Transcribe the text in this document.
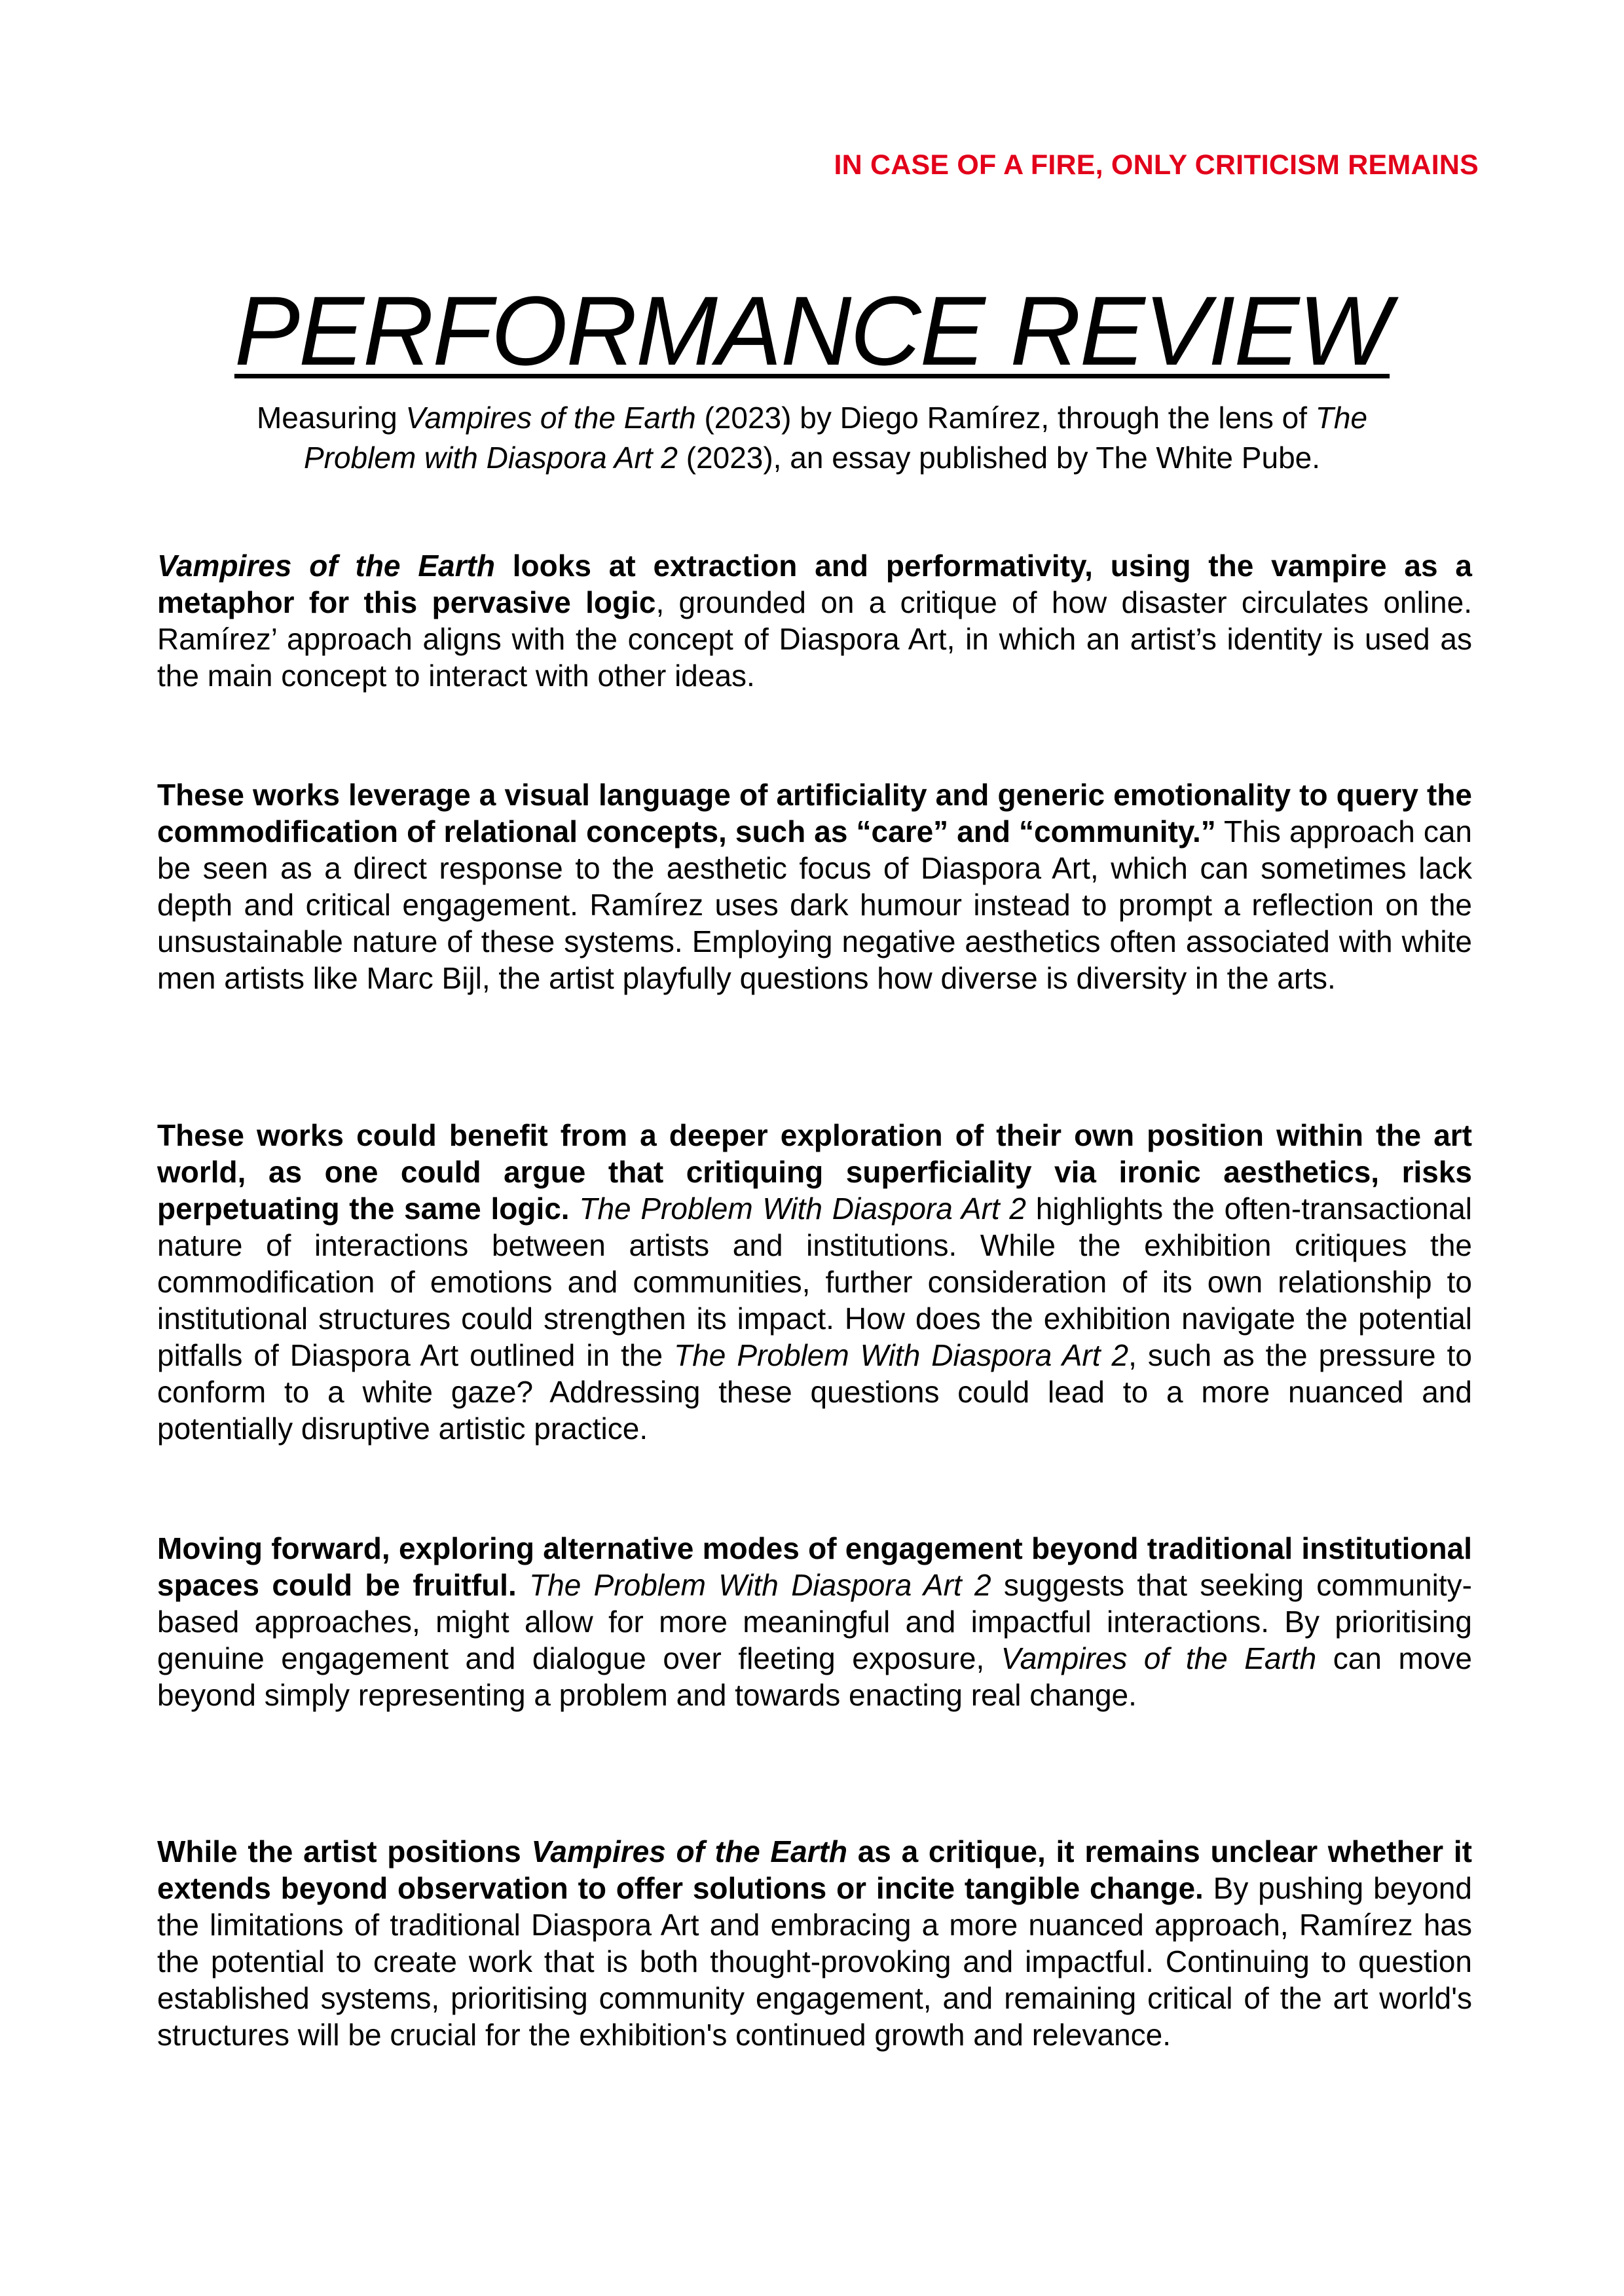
IN CASE OF A FIRE, ONLY CRITICISM REMAINS
PERFORMANCE REVIEW
Measuring Vampires of the Earth (2023) by Diego Ramírez, through the lens of The Problem with Diaspora Art 2 (2023), an essay published by The White Pube.

Vampires of the Earth looks at extraction and performativity, using the vampire as a metaphor for this pervasive logic, grounded on a critique of how disaster circulates online. Ramírez’ approach aligns with the concept of Diaspora Art, in which an artist’s identity is used as the main concept to interact with other ideas.

These works leverage a visual language of artificiality and generic emotionality to query the commodification of relational concepts, such as “care” and “community.” This approach can be seen as a direct response to the aesthetic focus of Diaspora Art, which can sometimes lack depth and critical engagement. Ramírez uses dark humour instead to prompt a reflection on the unsustainable nature of these systems. Employing negative aesthetics often associated with white men artists like Marc Bijl, the artist playfully questions how diverse is diversity in the arts.

These works could benefit from a deeper exploration of their own position within the art world, as one could argue that critiquing superficiality via ironic aesthetics, risks perpetuating the same logic. The Problem With Diaspora Art 2 highlights the often-transactional nature of interactions between artists and institutions. While the exhibition critiques the commodification of emotions and communities, further consideration of its own relationship to institutional structures could strengthen its impact. How does the exhibition navigate the potential pitfalls of Diaspora Art outlined in the The Problem With Diaspora Art 2, such as the pressure to conform to a white gaze? Addressing these questions could lead to a more nuanced and potentially disruptive artistic practice.

Moving forward, exploring alternative modes of engagement beyond traditional institutional spaces could be fruitful. The Problem With Diaspora Art 2 suggests that seeking community-based approaches, might allow for more meaningful and impactful interactions. By prioritising genuine engagement and dialogue over fleeting exposure, Vampires of the Earth can move beyond simply representing a problem and towards enacting real change.

While the artist positions Vampires of the Earth as a critique, it remains unclear whether it extends beyond observation to offer solutions or incite tangible change. By pushing beyond the limitations of traditional Diaspora Art and embracing a more nuanced approach, Ramírez has the potential to create work that is both thought-provoking and impactful. Continuing to question established systems, prioritising community engagement, and remaining critical of the art world's structures will be crucial for the exhibition's continued growth and relevance.
